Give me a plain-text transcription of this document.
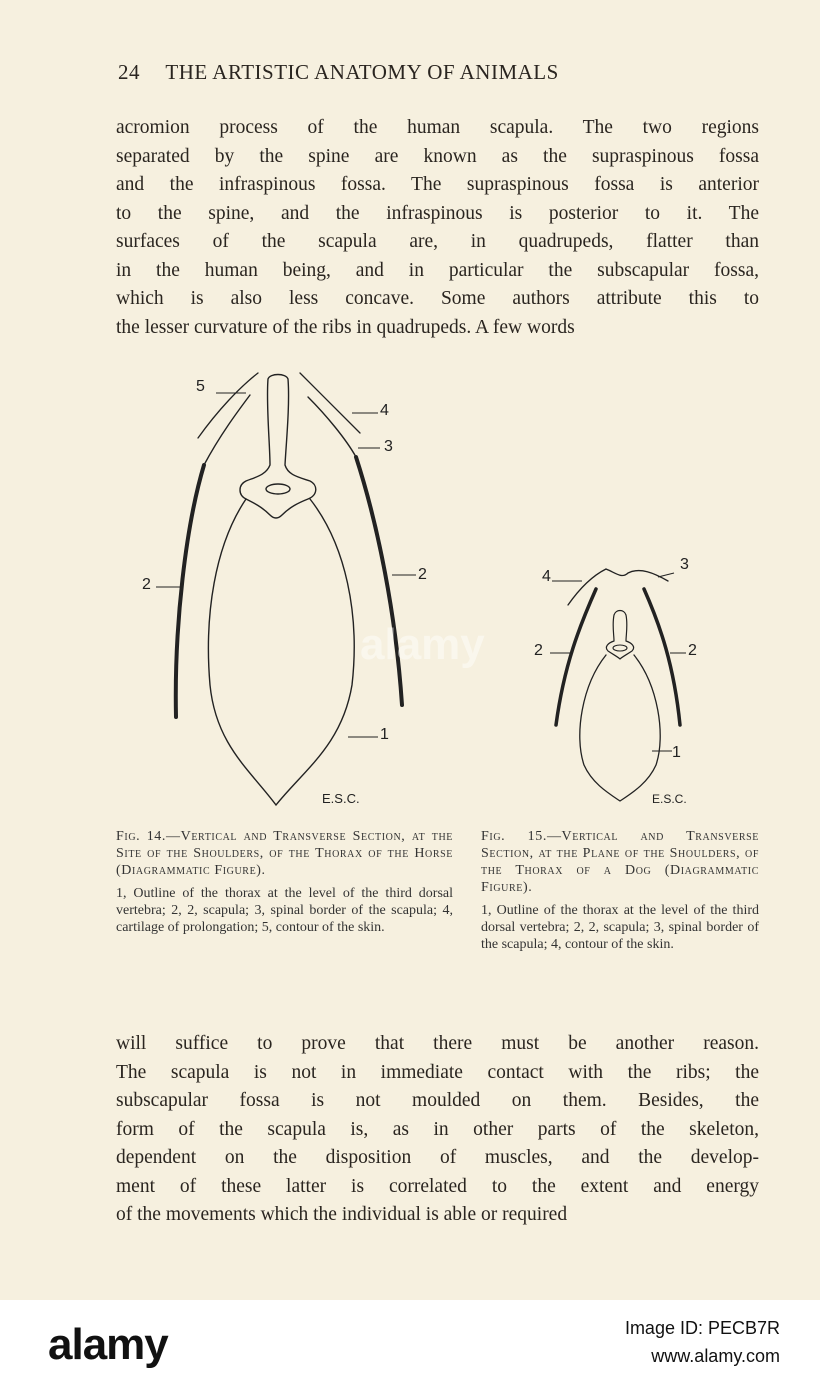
24 THE ARTISTIC ANATOMY OF ANIMALS
acromion process of the human scapula. The two regions
separated by the spine are known as the supraspinous fossa
and the infraspinous fossa. The supraspinous fossa is anterior
to the spine, and the infraspinous is posterior to it. The
surfaces of the scapula are, in quadrupeds, flatter than
in the human being, and in particular the subscapular fossa,
which is also less concave. Some authors attribute this to
the lesser curvature of the ribs in quadrupeds. A few words
5
4
3
2
2
1
E.S.C.
4
3
2	2
1
E.S.C.
Fig. 14.—Vertical and Transverse Section, at the Site of the Shoulders, of the Thorax of the Horse (Diagrammatic Figure).
1, Outline of the thorax at the level of the third dorsal vertebra; 2, 2, scapula; 3, spinal border of the scapula; 4, cartilage of prolongation; 5, contour of the skin.
Fig. 15.—Vertical and Transverse Section, at the Plane of the Shoulders, of the Thorax of a Dog (Diagrammatic Figure).
1, Outline of the thorax at the level of the third dorsal vertebra; 2, 2, scapula; 3, spinal border of the scapula; 4, contour of the skin.
will suffice to prove that there must be another reason.
The scapula is not in immediate contact with the ribs; the
subscapular fossa is not moulded on them. Besides, the
form of the scapula is, as in other parts of the skeleton,
dependent on the disposition of muscles, and the develop-
ment of these latter is correlated to the extent and energy
of the movements which the individual is able or required
alamy
alamy	Image ID: PECB7R
www.alamy.com
